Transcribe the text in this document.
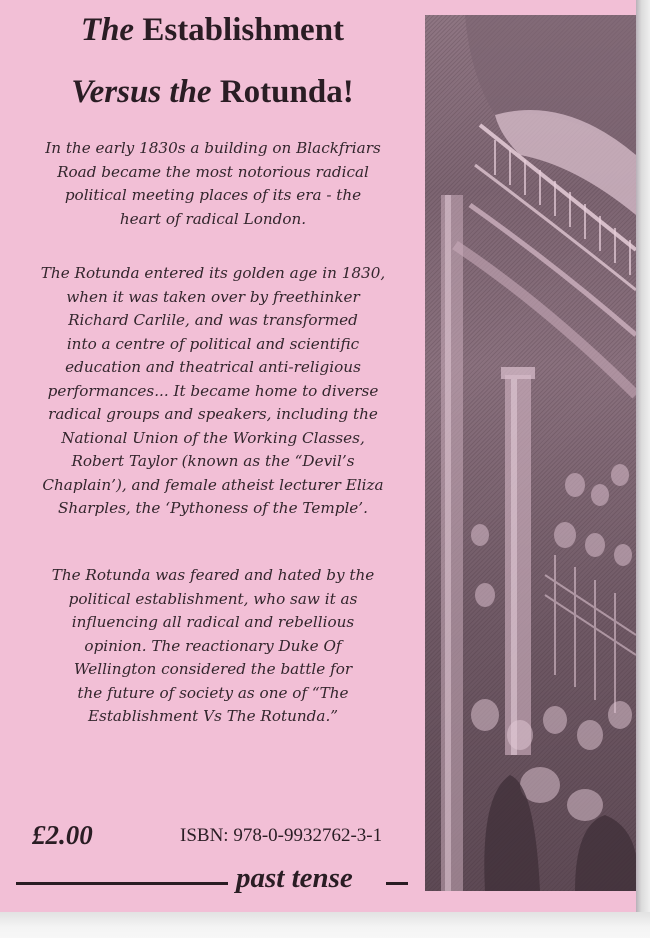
The Establishment
Versus the Rotunda!

In the early 1830s a building on Blackfriars
Road became the most notorious radical
political meeting places of its era - the
heart of radical London.

The Rotunda entered its golden age in 1830,
when it was taken over by freethinker
Richard Carlile, and was transformed
into a centre of political and scientific
education and theatrical anti-religious
performances... It became home to diverse
radical groups and speakers, including the
National Union of the Working Classes,
Robert Taylor (known as the “Devil’s
Chaplain’), and female atheist lecturer Eliza
Sharples, the ‘Pythoness of the Temple’.

The Rotunda was feared and hated by the
political establishment, who saw it as
influencing all radical and rebellious
opinion. The reactionary Duke Of
Wellington considered the battle for
the future of society as one of “The
Establishment Vs The Rotunda.”

£2.00	ISBN: 978-0-9932762-3-1
past tense
